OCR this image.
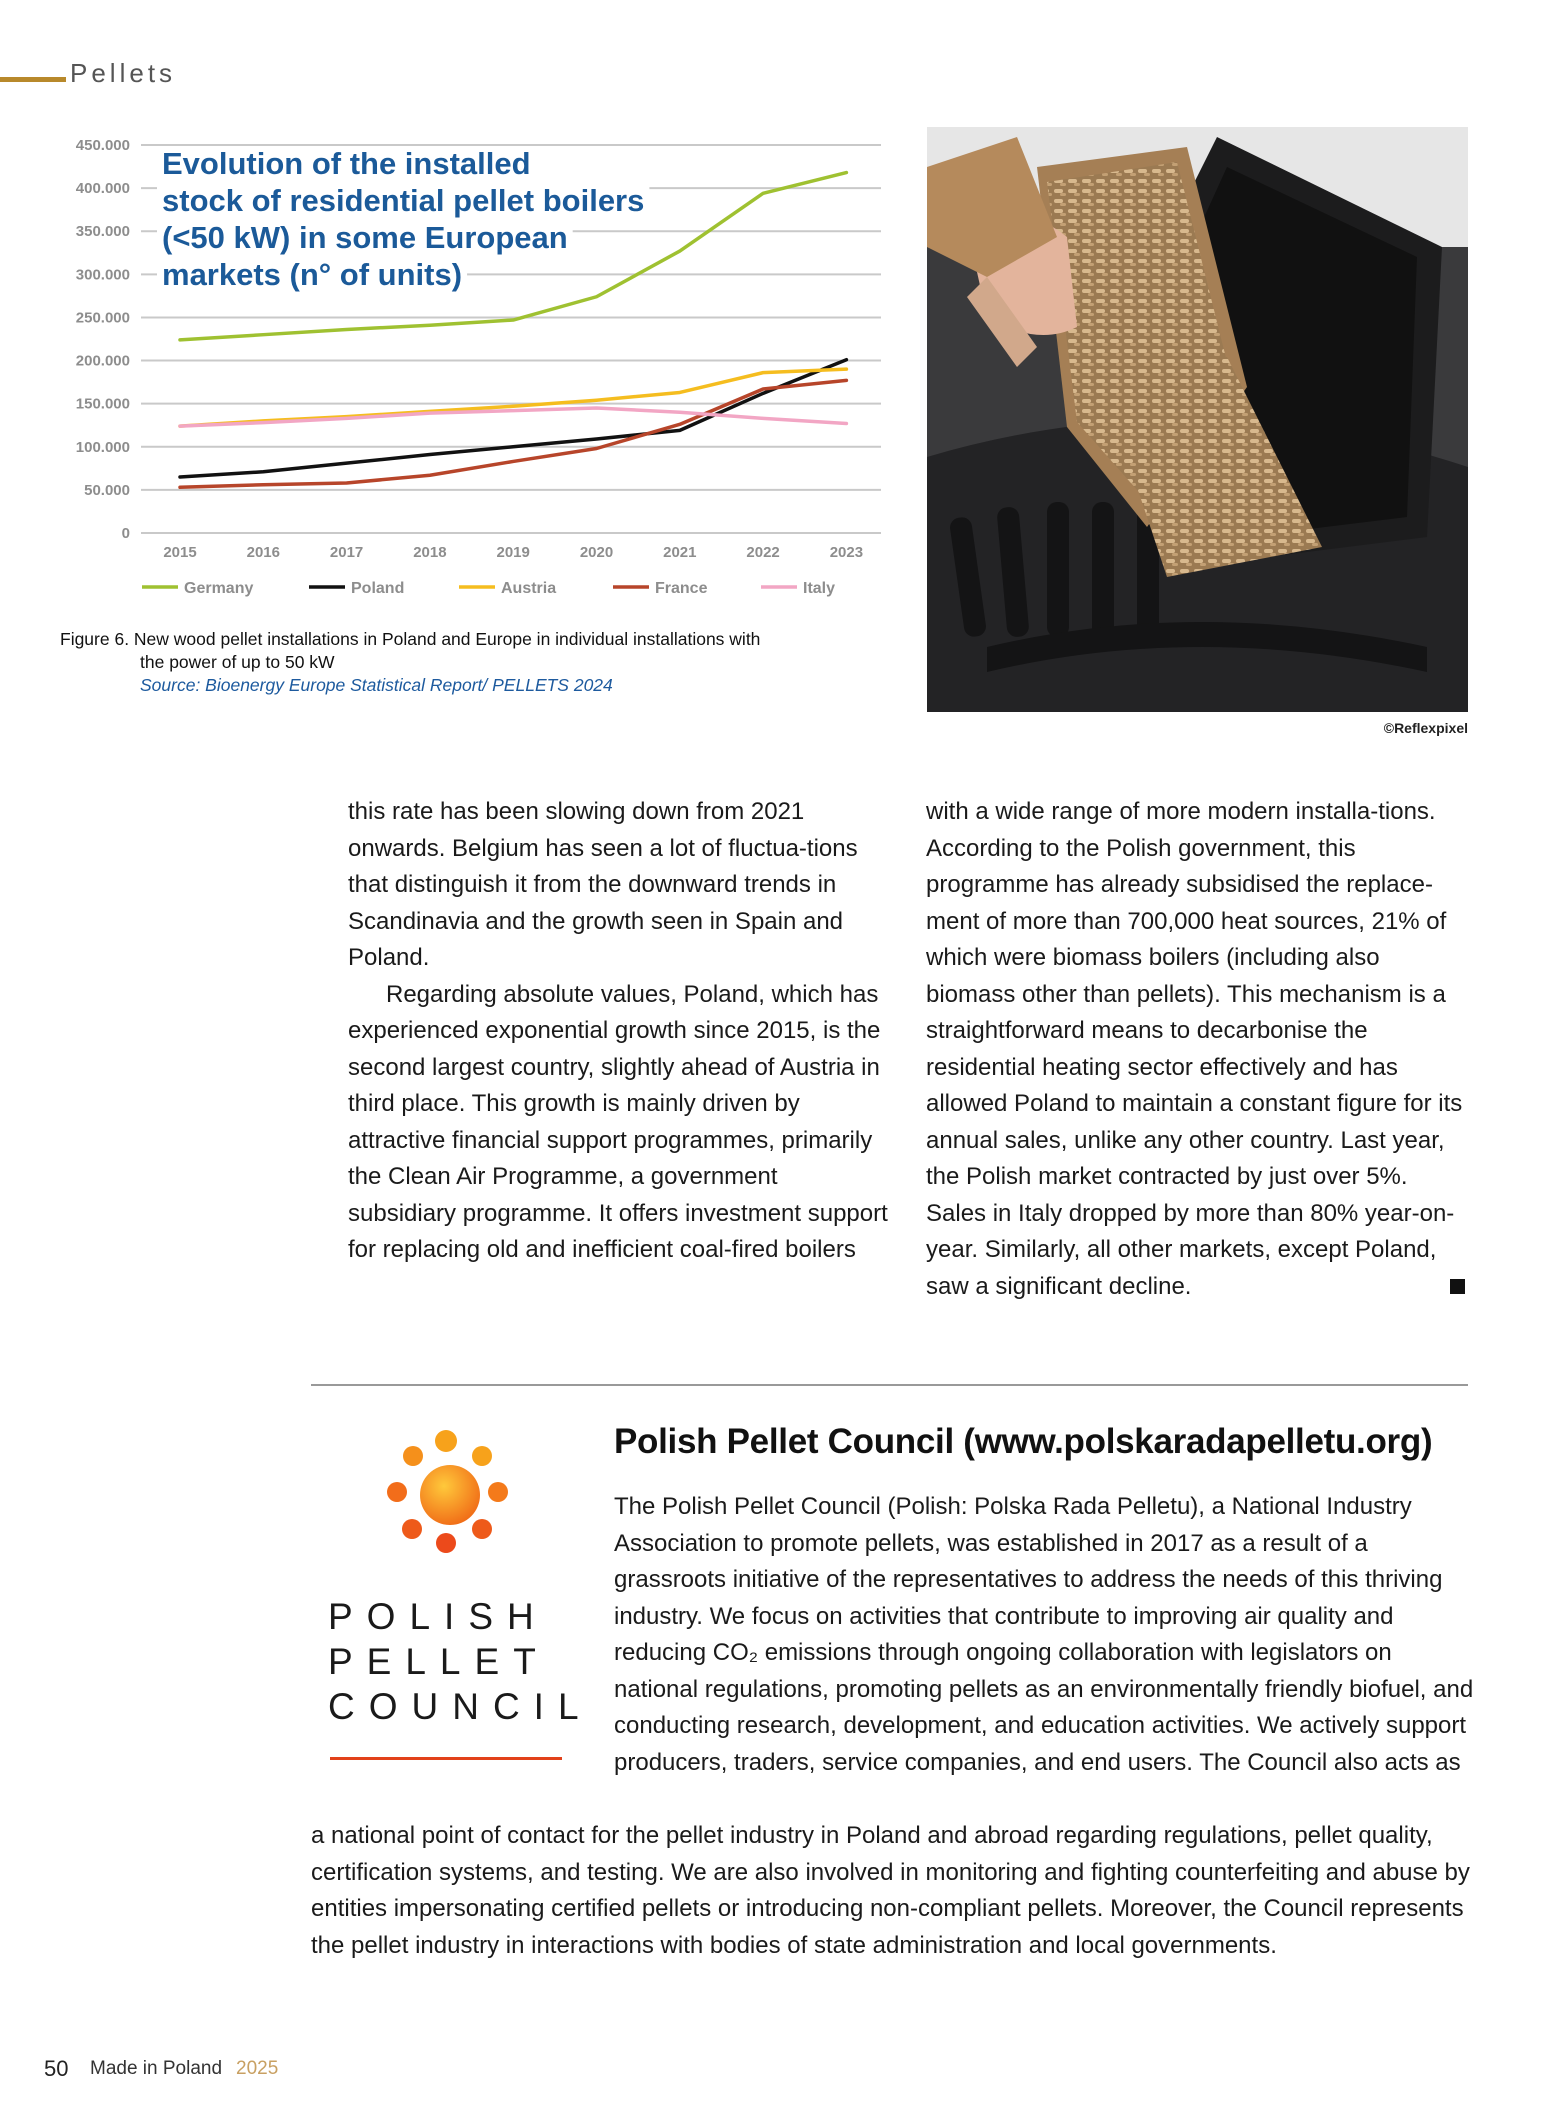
Pellets
0
50.000
100.000
150.000
200.000
250.000
300.000
350.000
400.000
450.000
2015	2016	2017	2018	2019	2020	2021	2022	2023
Germany	Poland	Austria	France	Italy
Evolution of the installed
stock of residential pellet boilers
(<50 kW) in some European
markets (n° of units)
Figure 6. New wood pellet installations in Poland and Europe in individual installations with
the power of up to 50 kW
Source: Bioenergy Europe Statistical Report/ PELLETS 2024
©Reflexpixel

this rate has been slowing down from 2021 onwards. Belgium has seen a lot of fluctua-tions that distinguish it from the downward trends in Scandinavia and the growth seen in Spain and Poland.

Regarding absolute values, Poland, which has experienced exponential growth since 2015, is the second largest country, slightly ahead of Austria in third place. This growth is mainly driven by attractive financial support programmes, primarily the Clean Air Programme, a government subsidiary programme. It offers investment support for replacing old and inefficient coal-fired boilers

with a wide range of more modern installa-tions. According to the Polish government, this programme has already subsidised the replace-ment of more than 700,000 heat sources, 21% of which were biomass boilers (including also biomass other than pellets). This mechanism is a straightforward means to decarbonise the residential heating sector effectively and has allowed Poland to maintain a constant figure for its annual sales, unlike any other country. Last year, the Polish market contracted by just over 5%. Sales in Italy dropped by more than 80% year-on-year. Similarly, all other markets, except Poland, saw a significant decline.

POLISH
PELLET
COUNCIL
Polish Pellet Council (www.polskaradapelletu.org)
The Polish Pellet Council (Polish: Polska Rada Pelletu), a National Industry Association to promote pellets, was established in 2017 as a result of a grassroots initiative of the representatives to address the needs of this thriving industry. We focus on activities that contribute to improving air quality and reducing CO₂ emissions through ongoing collaboration with legislators on national regulations, promoting pellets as an environmentally friendly biofuel, and conducting research, development, and education activities. We actively support producers, traders, service companies, and end users. The Council also acts as
a national point of contact for the pellet industry in Poland and abroad regarding regulations, pellet quality, certification systems, and testing. We are also involved in monitoring and fighting counterfeiting and abuse by entities impersonating certified pellets or introducing non-compliant pellets. Moreover, the Council represents the pellet industry in interactions with bodies of state administration and local governments.
50 Made in Poland 2025
